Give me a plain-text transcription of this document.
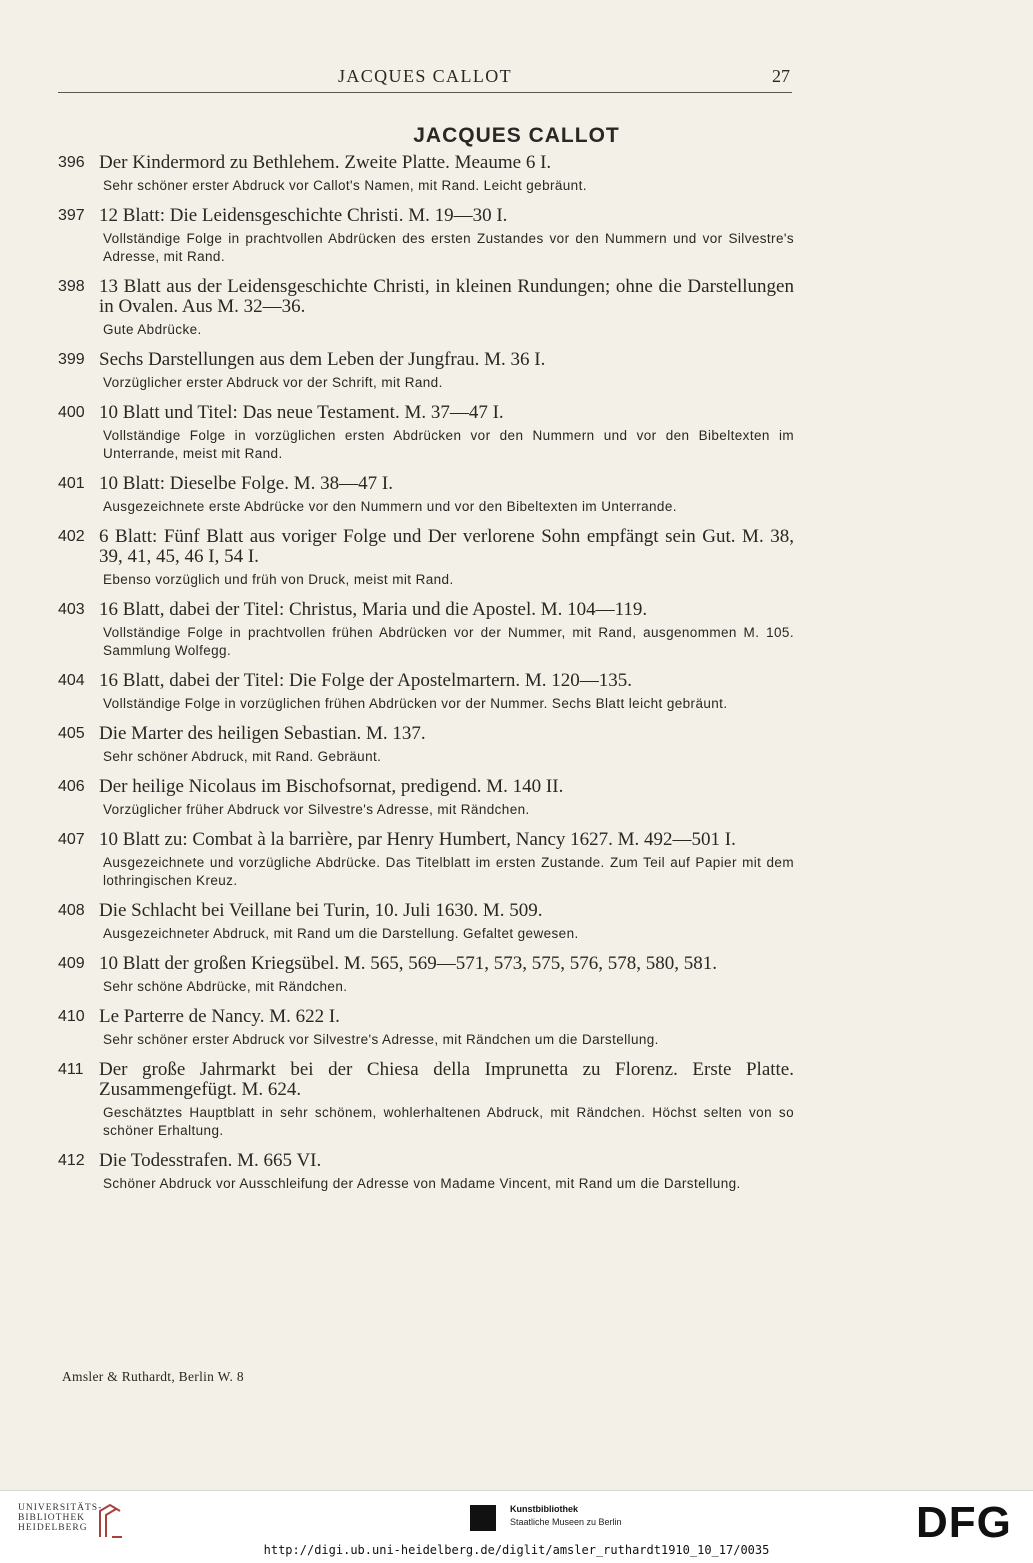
JACQUES CALLOT	27
JACQUES CALLOT
396 Der Kindermord zu Bethlehem. Zweite Platte. Meaume 6 I.
Sehr schöner erster Abdruck vor Callot's Namen, mit Rand. Leicht gebräunt.
397 12 Blatt: Die Leidensgeschichte Christi. M. 19—30 I.
Vollständige Folge in prachtvollen Abdrücken des ersten Zustandes vor den Nummern und vor Silvestre's Adresse, mit Rand.
398 13 Blatt aus der Leidensgeschichte Christi, in kleinen Rundungen; ohne die Darstellungen in Ovalen. Aus M. 32—36.
Gute Abdrücke.
399 Sechs Darstellungen aus dem Leben der Jungfrau. M. 36 I.
Vorzüglicher erster Abdruck vor der Schrift, mit Rand.
400 10 Blatt und Titel: Das neue Testament. M. 37—47 I.
Vollständige Folge in vorzüglichen ersten Abdrücken vor den Nummern und vor den Bibeltexten im Unterrande, meist mit Rand.
401 10 Blatt: Dieselbe Folge. M. 38—47 I.
Ausgezeichnete erste Abdrücke vor den Nummern und vor den Bibeltexten im Unterrande.
402 6 Blatt: Fünf Blatt aus voriger Folge und Der verlorene Sohn empfängt sein Gut. M. 38, 39, 41, 45, 46 I, 54 I.
Ebenso vorzüglich und früh von Druck, meist mit Rand.
403 16 Blatt, dabei der Titel: Christus, Maria und die Apostel. M. 104—119.
Vollständige Folge in prachtvollen frühen Abdrücken vor der Nummer, mit Rand, ausgenommen M. 105. Sammlung Wolfegg.
404 16 Blatt, dabei der Titel: Die Folge der Apostelmartern. M. 120—135.
Vollständige Folge in vorzüglichen frühen Abdrücken vor der Nummer. Sechs Blatt leicht gebräunt.
405 Die Marter des heiligen Sebastian. M. 137.
Sehr schöner Abdruck, mit Rand. Gebräunt.
406 Der heilige Nicolaus im Bischofsornat, predigend. M. 140 II.
Vorzüglicher früher Abdruck vor Silvestre's Adresse, mit Rändchen.
407 10 Blatt zu: Combat à la barrière, par Henry Humbert, Nancy 1627. M. 492—501 I.
Ausgezeichnete und vorzügliche Abdrücke. Das Titelblatt im ersten Zustande. Zum Teil auf Papier mit dem lothringischen Kreuz.
408 Die Schlacht bei Veillane bei Turin, 10. Juli 1630. M. 509.
Ausgezeichneter Abdruck, mit Rand um die Darstellung. Gefaltet gewesen.
409 10 Blatt der großen Kriegsübel. M. 565, 569—571, 573, 575, 576, 578, 580, 581.
Sehr schöne Abdrücke, mit Rändchen.
410 Le Parterre de Nancy. M. 622 I.
Sehr schöner erster Abdruck vor Silvestre's Adresse, mit Rändchen um die Darstellung.
411 Der große Jahrmarkt bei der Chiesa della Imprunetta zu Florenz. Erste Platte. Zusammengefügt. M. 624.
Geschätztes Hauptblatt in sehr schönem, wohlerhaltenen Abdruck, mit Rändchen. Höchst selten von so schöner Erhaltung.
412 Die Todesstrafen. M. 665 VI.
Schöner Abdruck vor Ausschleifung der Adresse von Madame Vincent, mit Rand um die Darstellung.
Amsler & Ruthardt, Berlin W. 8
UNIVERSITÄTS-
BIBLIOTHEK
HEIDELBERG
Kunstbibliothek
Staatliche Museen zu Berlin	DFG
http://digi.ub.uni-heidelberg.de/diglit/amsler_ruthardt1910_10_17/0035
